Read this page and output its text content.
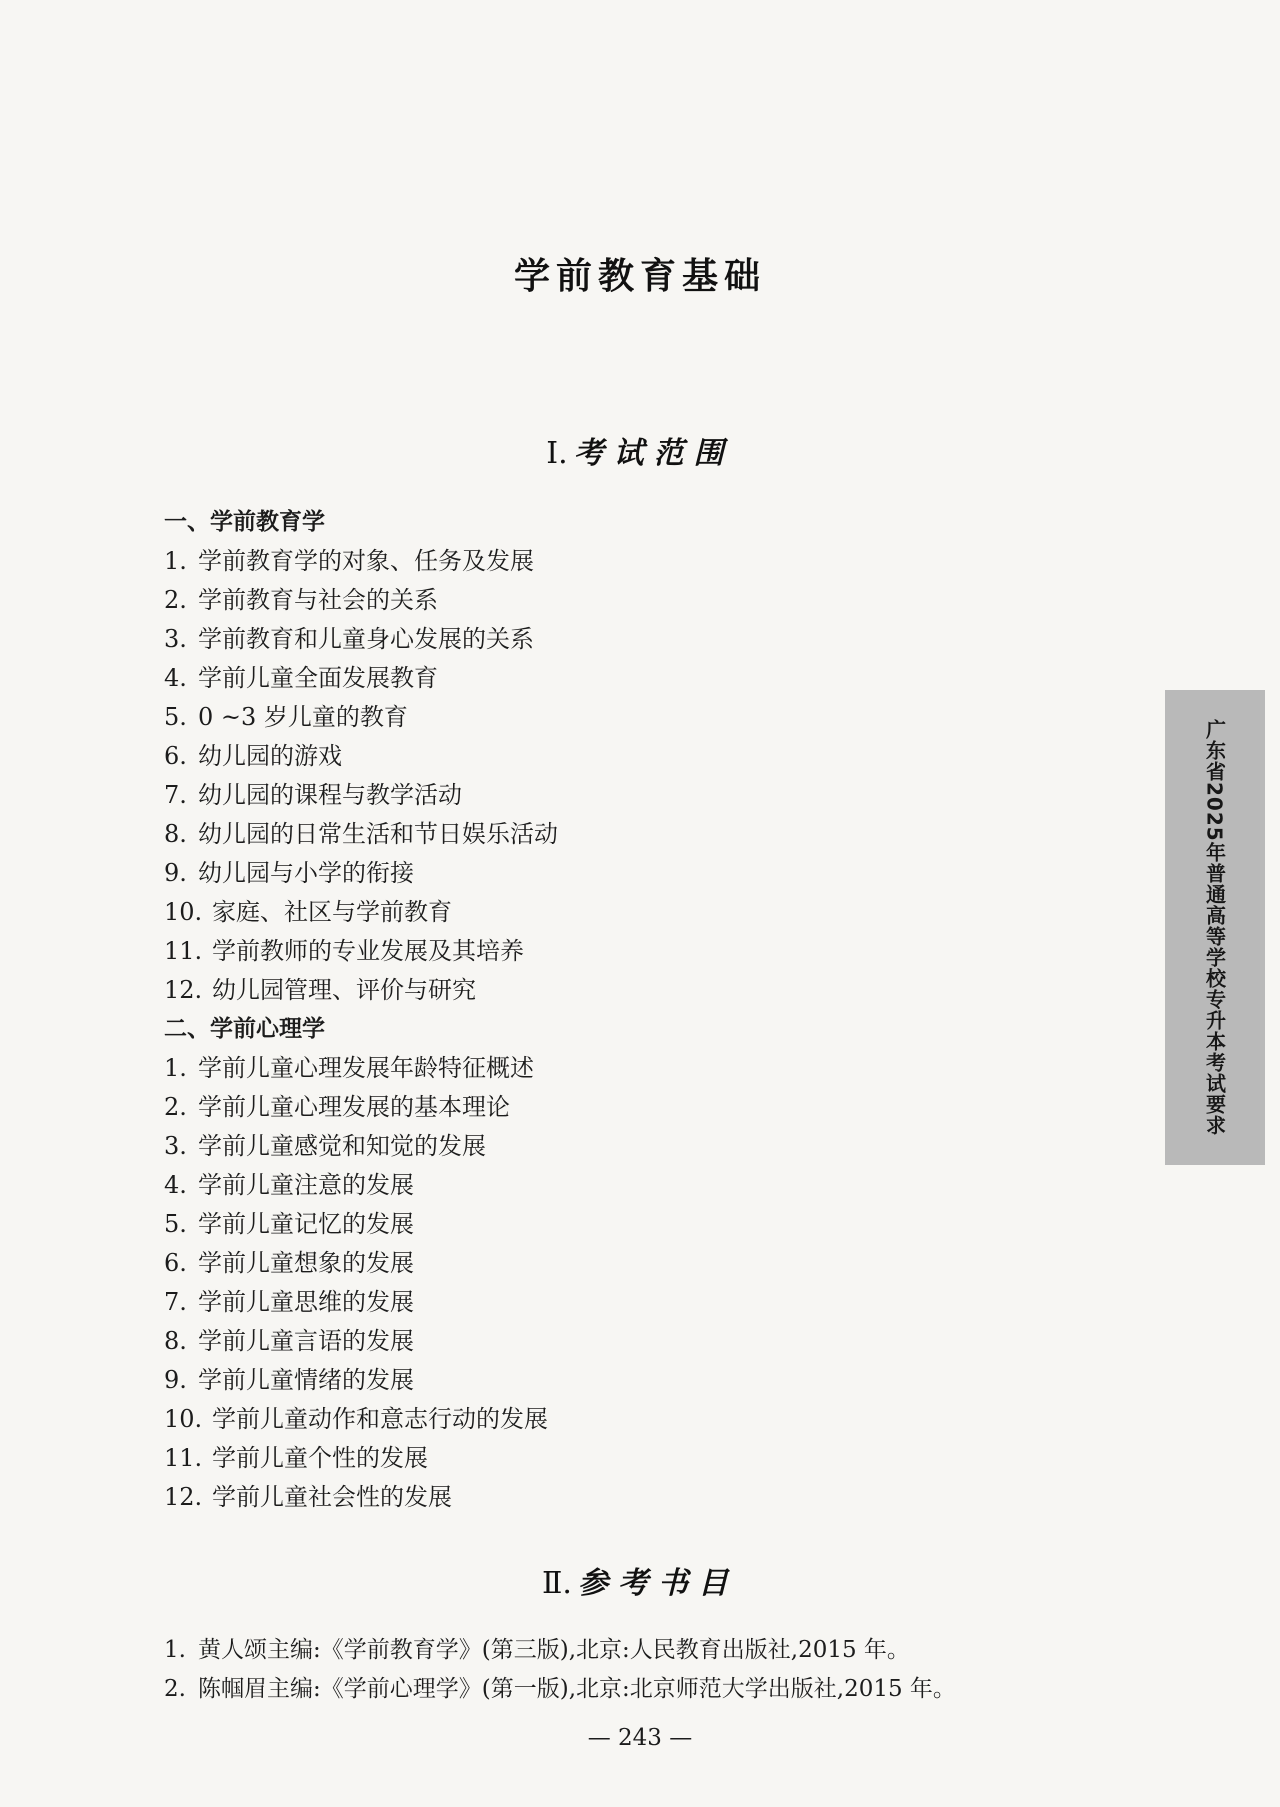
学前教育基础
Ⅰ. 考试范围
一、学前教育学
1. 学前教育学的对象、任务及发展
2. 学前教育与社会的关系
3. 学前教育和儿童身心发展的关系
4. 学前儿童全面发展教育
5. 0 ~3 岁儿童的教育
6. 幼儿园的游戏
7. 幼儿园的课程与教学活动
8. 幼儿园的日常生活和节日娱乐活动
9. 幼儿园与小学的衔接
10. 家庭、社区与学前教育
11. 学前教师的专业发展及其培养
12. 幼儿园管理、评价与研究
二、学前心理学
1. 学前儿童心理发展年龄特征概述
2. 学前儿童心理发展的基本理论
3. 学前儿童感觉和知觉的发展
4. 学前儿童注意的发展
5. 学前儿童记忆的发展
6. 学前儿童想象的发展
7. 学前儿童思维的发展
8. 学前儿童言语的发展
9. 学前儿童情绪的发展
10. 学前儿童动作和意志行动的发展
11. 学前儿童个性的发展
12. 学前儿童社会性的发展
Ⅱ. 参考书目
1. 黄人颂主编:《学前教育学》(第三版),北京:人民教育出版社,2015 年。
2. 陈帼眉主编:《学前心理学》(第一版),北京:北京师范大学出版社,2015 年。
— 243 —
广东省2025年普通高等学校专升本考试要求
